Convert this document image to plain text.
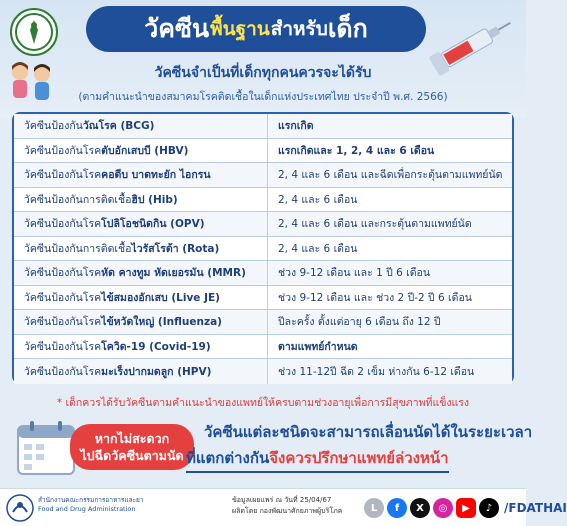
วัคซีน พื้นฐาน สำหรับ เด็ก
วัคซีนจำเป็นที่เด็กทุกคนควรจะได้รับ
(ตามคำแนะนำของสมาคมโรคติดเชื้อในเด็กแห่งประเทศไทย ประจำปี พ.ศ. 2566)
วัคซีนป้องกัน วัณโรค (BCG)	แรกเกิด
วัคซีนป้องกันโรค ตับอักเสบบี (HBV)	แรกเกิดและ 1, 2, 4 และ 6 เดือน
วัคซีนป้องกันโรค คอตีบ บาดทะยัก ไอกรน	2, 4 และ 6 เดือน และฉีดเพื่อกระตุ้นตามแพทย์นัด
วัคซีนป้องกันการติดเชื้อ ฮิป (Hib)	2, 4 และ 6 เดือน
วัคซีนป้องกันโรค โปลิโอชนิดกิน (OPV)	2, 4 และ 6 เดือน และกระตุ้นตามแพทย์นัด
วัคซีนป้องกันการติดเชื้อ ไวรัสโรต้า (Rota)	2, 4 และ 6 เดือน
วัคซีนป้องกันโรค หัด คางทูม หัดเยอรมัน (MMR)	ช่วง 9-12 เดือน และ 1 ปี 6 เดือน
วัคซีนป้องกันโรค ไข้สมองอักเสบ (Live JE)	ช่วง 9-12 เดือน และ ช่วง 2 ปี-2 ปี 6 เดือน
วัคซีนป้องกันโรค ไข้หวัดใหญ่ (Influenza)	ปีละครั้ง ตั้งแต่อายุ 6 เดือน ถึง 12 ปี
วัคซีนป้องกันโรค โควิด-19 (Covid-19)	ตามแพทย์กำหนด
วัคซีนป้องกันโรค มะเร็งปากมดลูก (HPV)	ช่วง 11-12ปี ฉีด 2 เข็ม ห่างกัน 6-12 เดือน
* เด็กควรได้รับวัคซีนตามคำแนะนำของแพทย์ให้ครบตามช่วงอายุเพื่อการมีสุขภาพที่แข็งแรง
หากไม่สะดวก
ไปฉีดวัคซีนตามนัด
วัคซีนแต่ละชนิดจะสามารถเลื่อนนัดได้ในระยะเวลา
ที่แตกต่างกันจึงควรปรึกษาแพทย์ล่วงหน้า
สำนักงานคณะกรรมการอาหารและยา
Food and Drug Administration
ข้อมูลเผยแพร่ ณ วันที่ 25/04/67
ผลิตโดย กองพัฒนาศักยภาพผู้บริโภค	L	f	X	◎	▶	♪ /FDATHAI
